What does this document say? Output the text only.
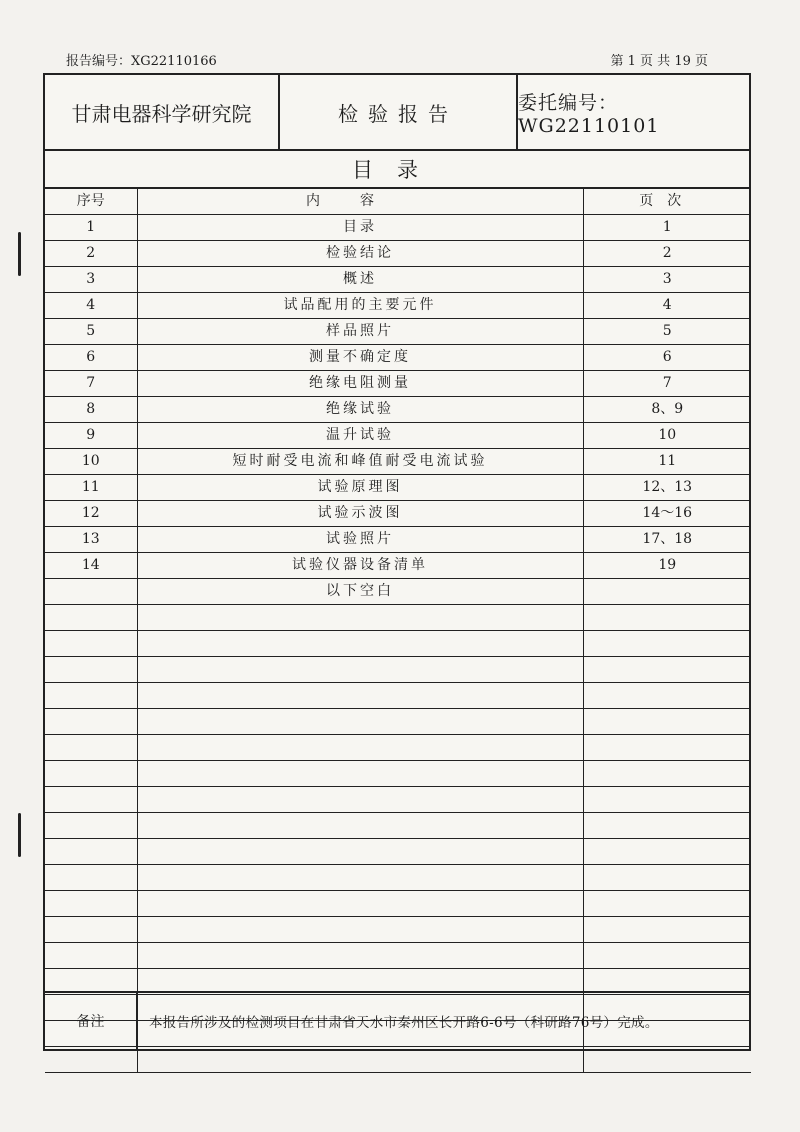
报告编号：XG22110166	第 1 页 共 19 页
甘肃电器科学研究院	检验报告	委托编号：WG22110101
目录
序号	内容	页次
1	目录	1
2	检验结论	2
3	概述	3
4	试品配用的主要元件	4
5	样品照片	5
6	测量不确定度	6
7	绝缘电阻测量	7
8	绝缘试验	8、9
9	温升试验	10
10	短时耐受电流和峰值耐受电流试验	11
11	试验原理图	12、13
12	试验示波图	14～16
13	试验照片	17、18
14	试验仪器设备清单	19
	以下空白	

备注	本报告所涉及的检测项目在甘肃省天水市秦州区长开路6-6号（科研路76号）完成。
